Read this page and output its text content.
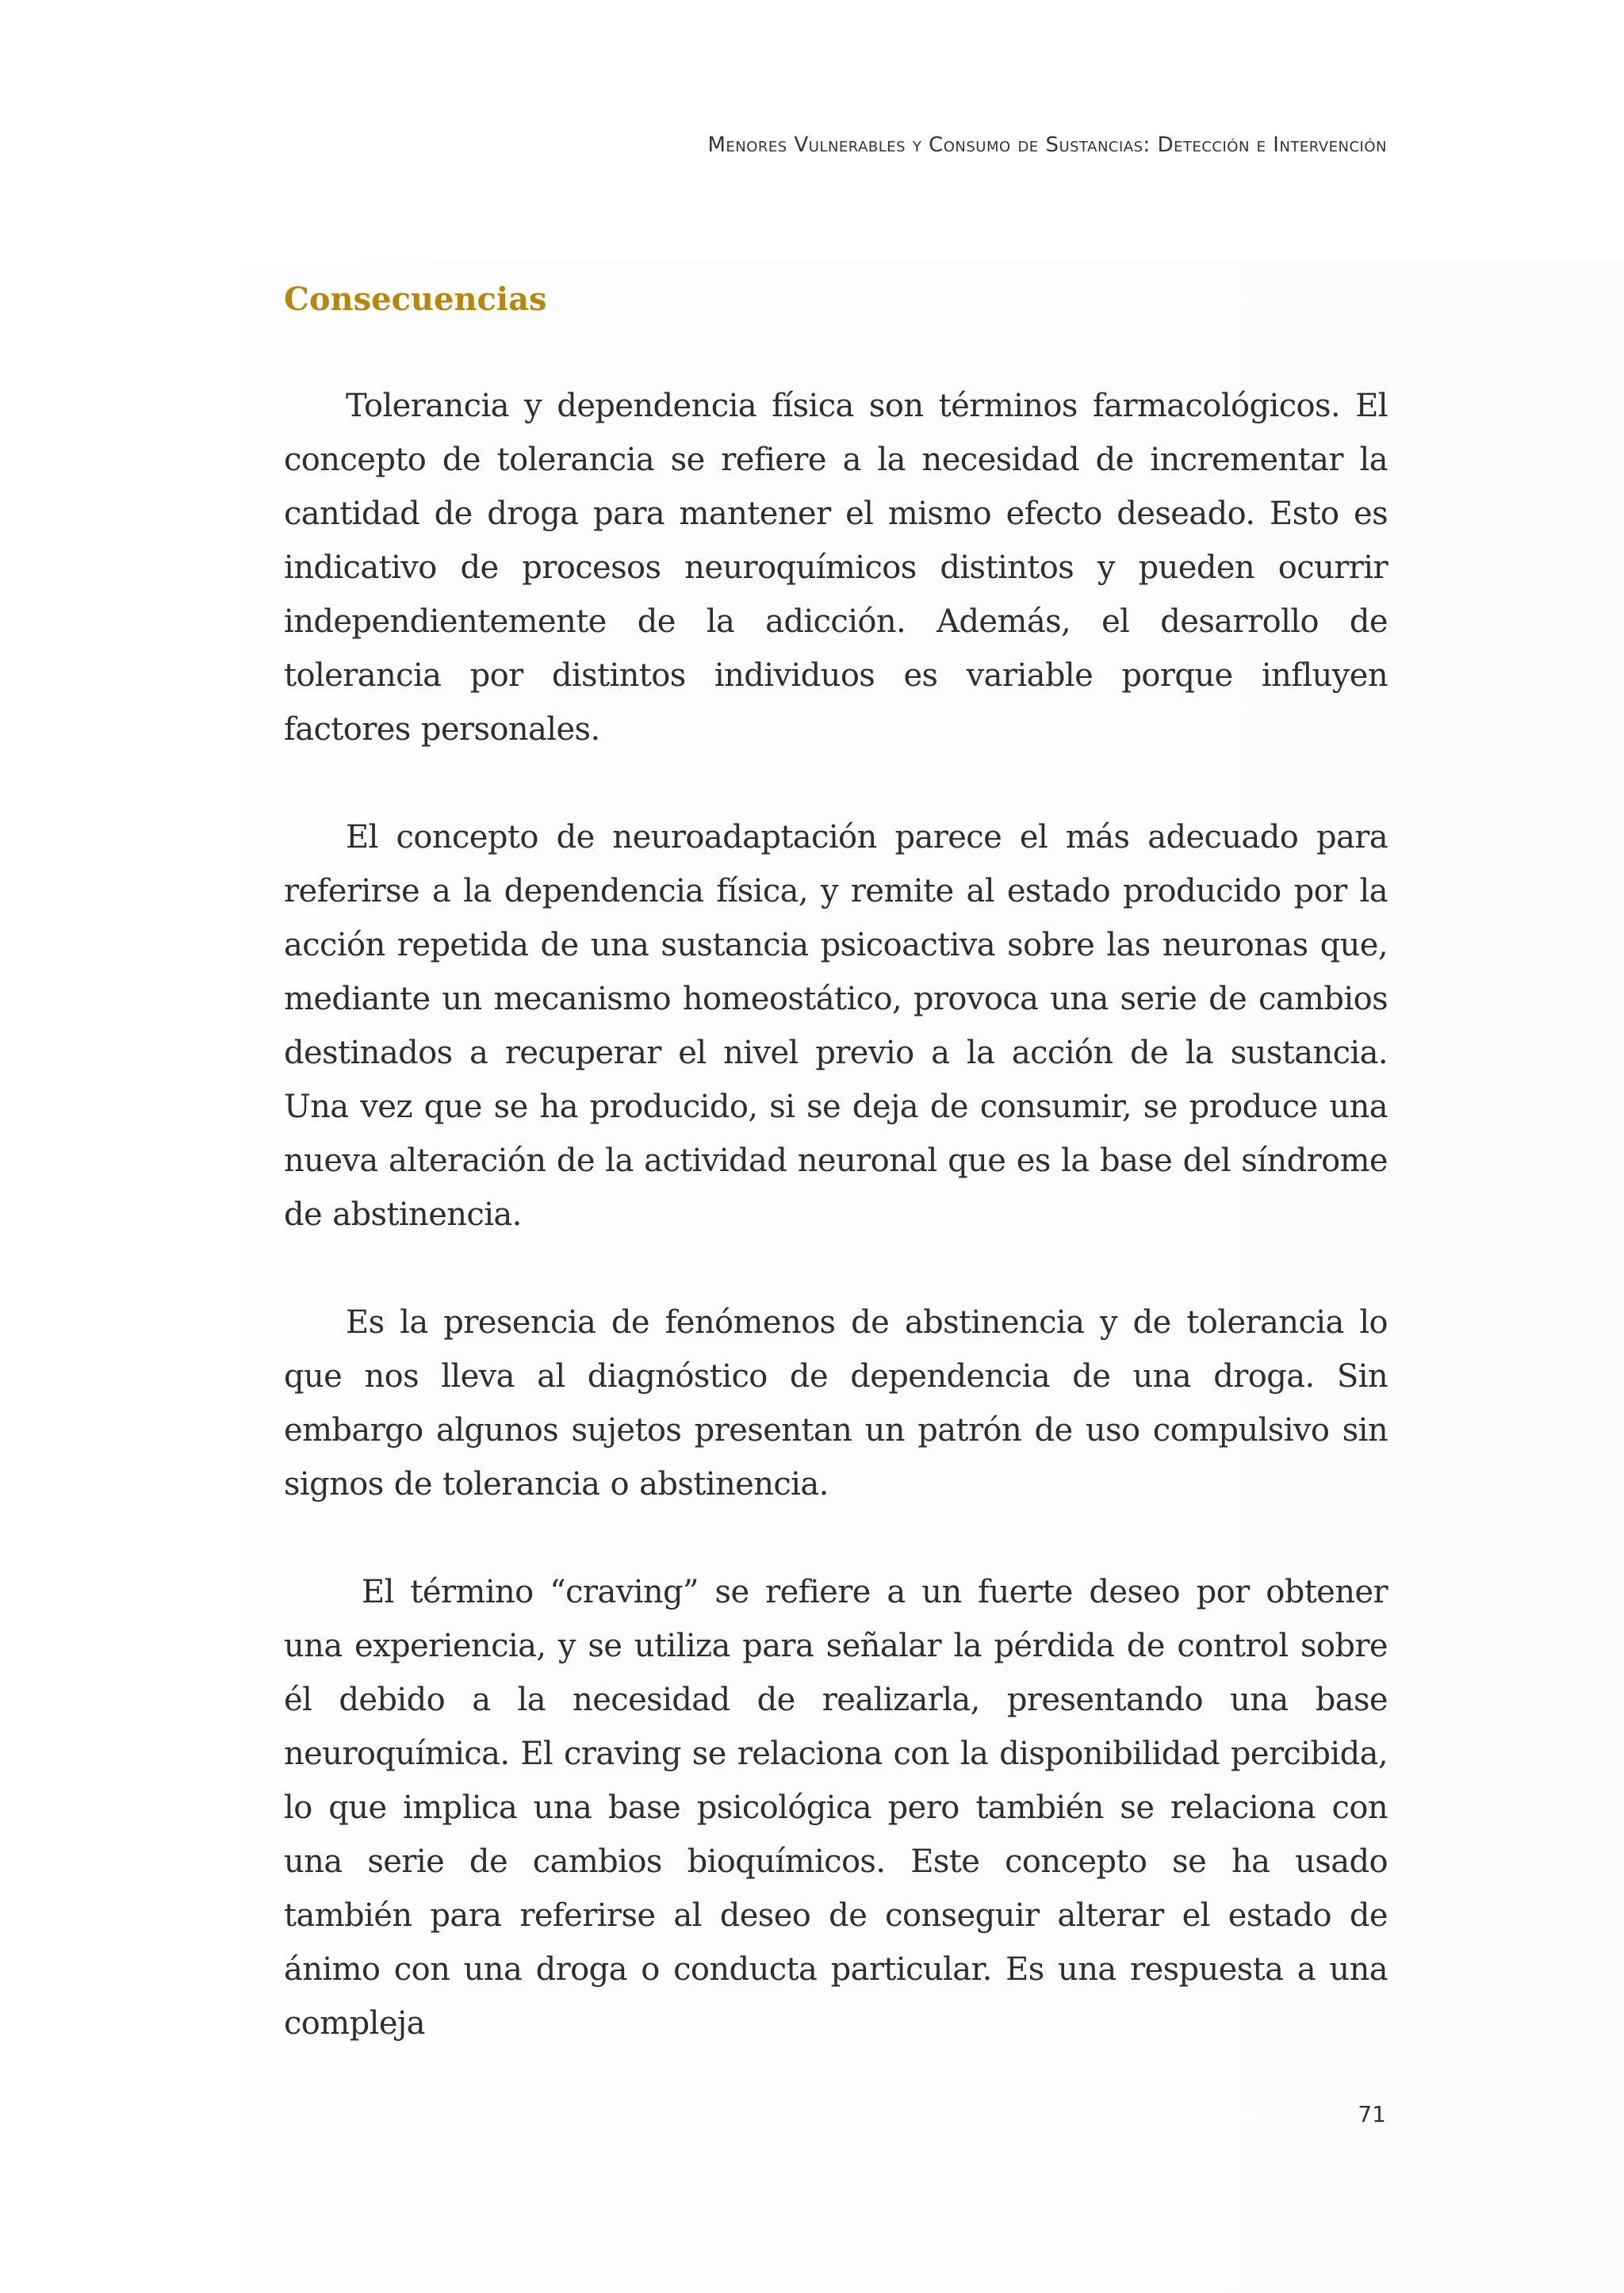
Menores Vulnerables y Consumo de Sustancias: Detección e Intervención
Consecuencias

Tolerancia y dependencia física son términos farmacológicos. El concepto de tolerancia se refiere a la necesidad de incrementar la cantidad de droga para mantener el mismo efecto deseado. Esto es indicativo de procesos neuroquímicos distintos y pueden ocurrir independientemente de la adicción. Además, el desarrollo de tolerancia por distintos individuos es variable porque influyen factores personales.

El concepto de neuroadaptación parece el más adecuado para referirse a la dependencia física, y remite al estado producido por la acción repetida de una sustancia psicoactiva sobre las neuronas que, mediante un mecanismo homeostático, provoca una serie de cambios destinados a recuperar el nivel previo a la acción de la sustancia. Una vez que se ha producido, si se deja de consumir, se produce una nueva alteración de la actividad neuronal que es la base del síndrome de abstinencia.

Es la presencia de fenómenos de abstinencia y de tolerancia lo que nos lleva al diagnóstico de dependencia de una droga. Sin embargo algunos sujetos presentan un patrón de uso compulsivo sin signos de tolerancia o abstinencia.

El término “craving” se refiere a un fuerte deseo por obtener una experiencia, y se utiliza para señalar la pérdida de control sobre él debido a la necesidad de realizarla, presentando una base neuroquímica. El craving se relaciona con la disponibilidad percibida, lo que implica una base psicológica pero también se relaciona con una serie de cambios bioquímicos. Este concepto se ha usado también para referirse al deseo de conseguir alterar el estado de ánimo con una droga o conducta particular. Es una respuesta a una compleja

71
